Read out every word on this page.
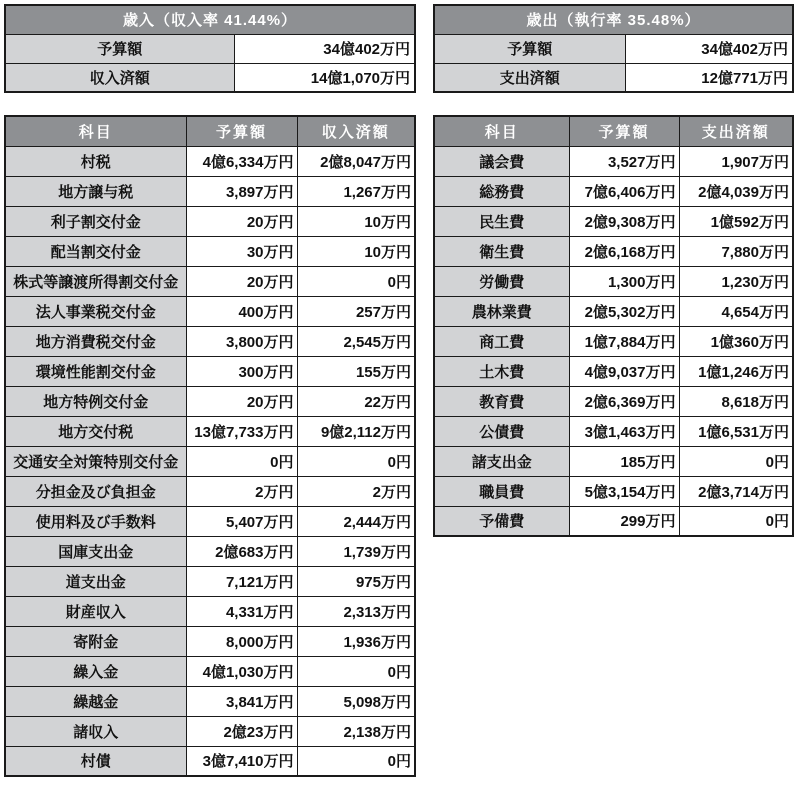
歳入（収入率 41.44%）	
予算額	34億402万円
収入済額	14億1,070万円
歳出（執行率 35.48%）	
予算額	34億402万円
支出済額	12億771万円
科目	予算額	収入済額
村税	4億6,334万円	2億8,047万円
地方譲与税	3,897万円	1,267万円
利子割交付金	20万円	10万円
配当割交付金	30万円	10万円
株式等譲渡所得割交付金	20万円	0円
法人事業税交付金	400万円	257万円
地方消費税交付金	3,800万円	2,545万円
環境性能割交付金	300万円	155万円
地方特例交付金	20万円	22万円
地方交付税	13億7,733万円	9億2,112万円
交通安全対策特別交付金	0円	0円
分担金及び負担金	2万円	2万円
使用料及び手数料	5,407万円	2,444万円
国庫支出金	2億683万円	1,739万円
道支出金	7,121万円	975万円
財産収入	4,331万円	2,313万円
寄附金	8,000万円	1,936万円
繰入金	4億1,030万円	0円
繰越金	3,841万円	5,098万円
諸収入	2億23万円	2,138万円
村債	3億7,410万円	0円
科目	予算額	支出済額
議会費	3,527万円	1,907万円
総務費	7億6,406万円	2億4,039万円
民生費	2億9,308万円	1億592万円
衛生費	2億6,168万円	7,880万円
労働費	1,300万円	1,230万円
農林業費	2億5,302万円	4,654万円
商工費	1億7,884万円	1億360万円
土木費	4億9,037万円	1億1,246万円
教育費	2億6,369万円	8,618万円
公債費	3億1,463万円	1億6,531万円
諸支出金	185万円	0円
職員費	5億3,154万円	2億3,714万円
予備費	299万円	0円
